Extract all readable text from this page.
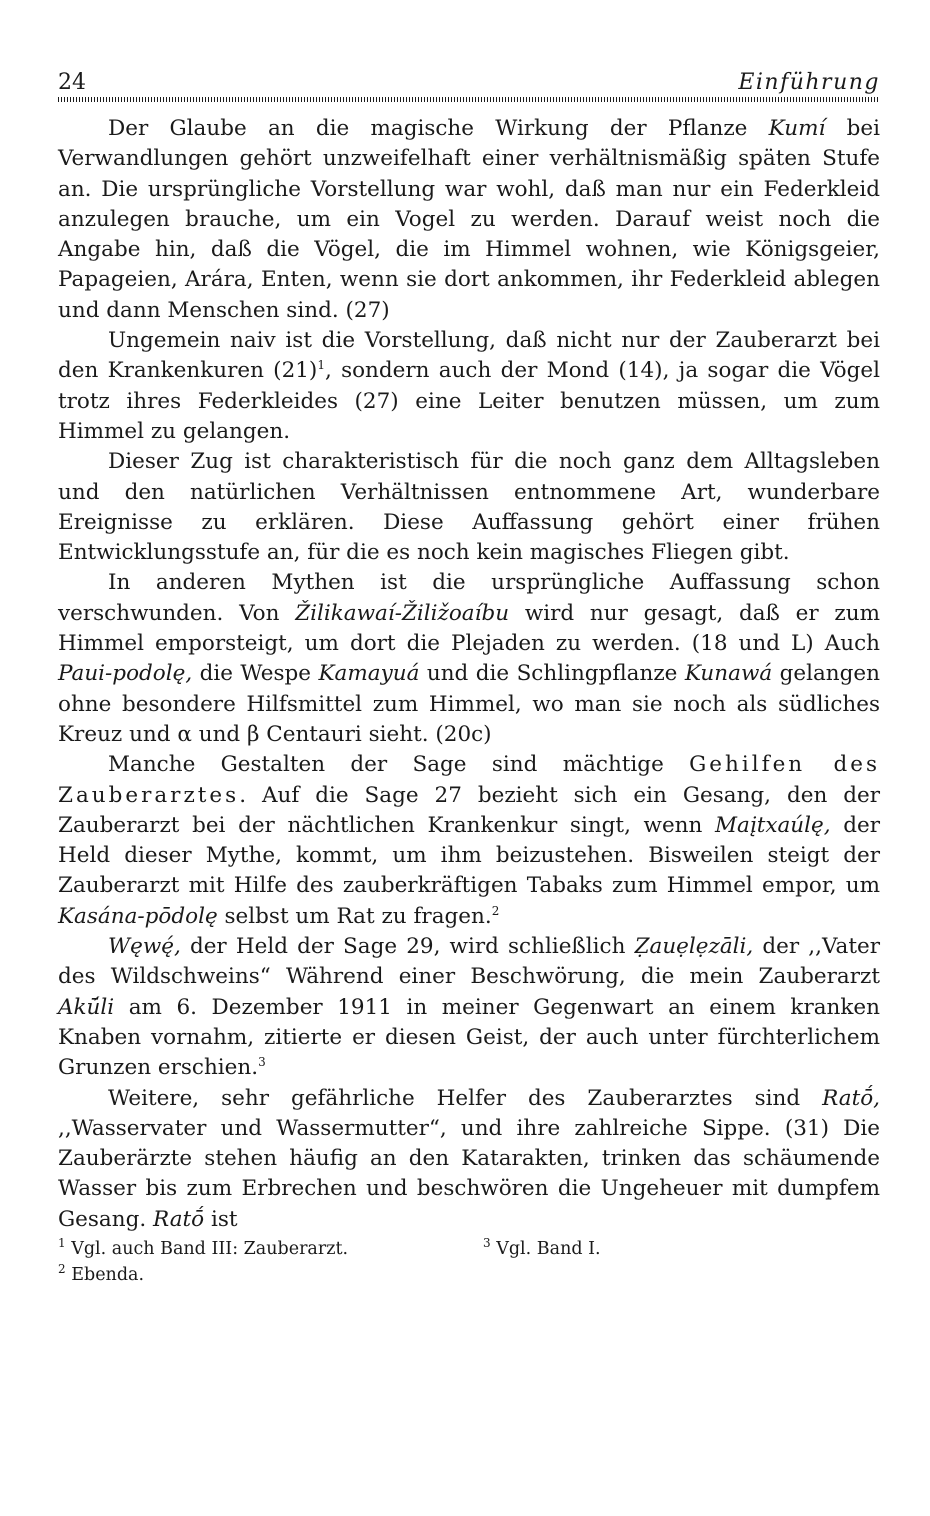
24	Einführung

Der Glaube an die magische Wirkung der Pflanze Kumí bei Verwandlungen gehört unzweifelhaft einer verhältnismäßig späten Stufe an. Die ursprüngliche Vorstellung war wohl, daß man nur ein Federkleid anzulegen brauche, um ein Vogel zu werden. Darauf weist noch die Angabe hin, daß die Vögel, die im Himmel wohnen, wie Königsgeier, Papageien, Arára, Enten, wenn sie dort ankommen, ihr Federkleid ablegen und dann Menschen sind. (27)

Ungemein naiv ist die Vorstellung, daß nicht nur der Zauberarzt bei den Krankenkuren $(21)^1$, sondern auch der Mond (14), ja sogar die Vögel trotz ihres Federkleides (27) eine Leiter benutzen müssen, um zum Himmel zu gelangen.

Dieser Zug ist charakteristisch für die noch ganz dem Alltagsleben und den natürlichen Verhältnissen entnommene Art, wunderbare Ereignisse zu erklären. Diese Auffassung gehört einer frühen Entwicklungsstufe an, für die es noch kein magisches Fliegen gibt.

In anderen Mythen ist die ursprüngliche Auffassung schon verschwunden. Von Žilikawaí-Žiližoaíbu wird nur gesagt, daß er zum Himmel emporsteigt, um dort die Plejaden zu werden. (18 und L) Auch Paui-podolę, die Wespe Kamayuá und die Schlingpflanze Kunawá gelangen ohne besondere Hilfsmittel zum Himmel, wo man sie noch als südliches Kreuz und α und β Centauri sieht. (20c)

Manche Gestalten der Sage sind mächtige Gehilfen des Zauberarztes. Auf die Sage 27 bezieht sich ein Gesang, den der Zauberarzt bei der nächtlichen Krankenkur singt, wenn Maįtxaúlę, der Held dieser Mythe, kommt, um ihm beizustehen. Bisweilen steigt der Zauberarzt mit Hilfe des zauberkräftigen Tabaks zum Himmel empor, um Kasána-pōdolę selbst um Rat zu fragen.$^2$

Węwę́, der Held der Sage 29, wird schließlich Ẓauẹlẹzāli, der ,,Vater des Wildschweins“ Während einer Beschwörung, die mein Zauberarzt Akū́li am 6. Dezember 1911 in meiner Gegenwart an einem kranken Knaben vornahm, zitierte er diesen Geist, der auch unter fürchterlichem Grunzen erschien.$^3$

Weitere, sehr gefährliche Helfer des Zauberarztes sind Ratṓ, ,,Wasservater und Wassermutter“, und ihre zahlreiche Sippe. (31) Die Zauberärzte stehen häufig an den Katarakten, trinken das schäumende Wasser bis zum Erbrechen und beschwören die Ungeheuer mit dumpfem Gesang. Ratṓ ist

$^1$ Vgl. auch Band III: Zauberarzt.	$^3$ Vgl. Band I.
$^2$ Ebenda.
